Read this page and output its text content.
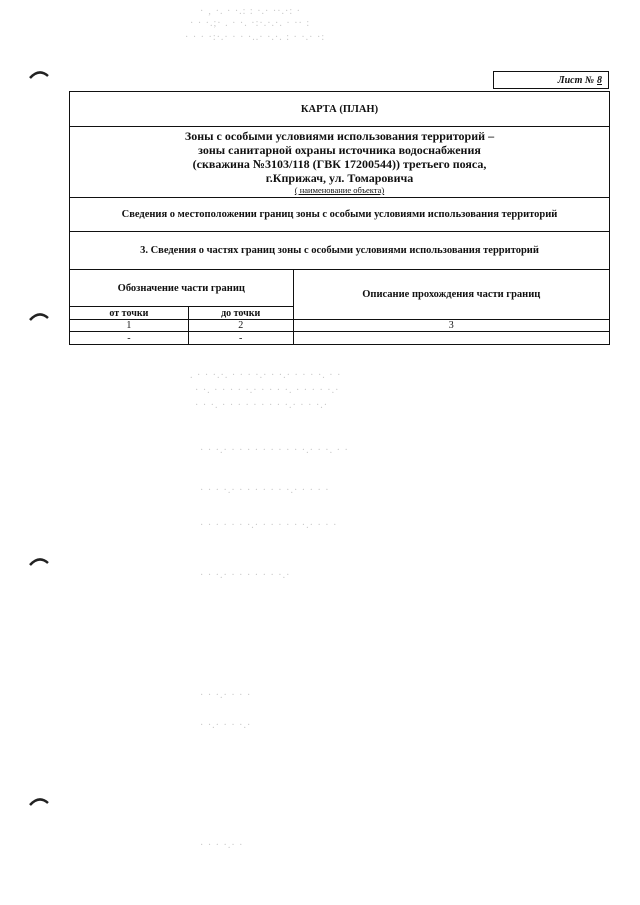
· ‚ ·. · ·.: : ·.· ··.·: ·
· · ·.;· . · ·. ·:·.·.·. · ·· :
· · · ·:·.· · · ·..· ·.·. : · ·.· ·:
. · · ·.·. · · · ·.· · ·.· · · · ·. · ·
· ·. · · · · ·.· · · · ·. · · · · ·.·
· · ·. · · · · · · · · ·.· · · ·.·
· · ·.· · · · · · · · · · ·.· · ·. · ·
· · · ·.· · · · · · · ·.· · · · ·
· · · · · · ·.· · · · · · ·.· · · ·
· · ·.· · · · · · · ·.·
· · ·.· · · ·
· ·.· · · ·.·
· · · ·.· ·
Лист № 8
КАРТА (ПЛАН)		

Зоны с особыми условиями использования территорий –
зоны санитарной охраны источника водоснабжения
(скважина №3103/118 (ГВК 17200544)) третьего пояса,
г.Кприжач, ул. Томаровича
( наименование объекта)		

Сведения о местоположении границ зоны с особыми условиями использования территорий		
3. Сведения о частях границ зоны с особыми условиями использования территорий		
Обозначение части границ		Описание прохождения части границ
от точки	до точки	
1	2	3
-	-	
